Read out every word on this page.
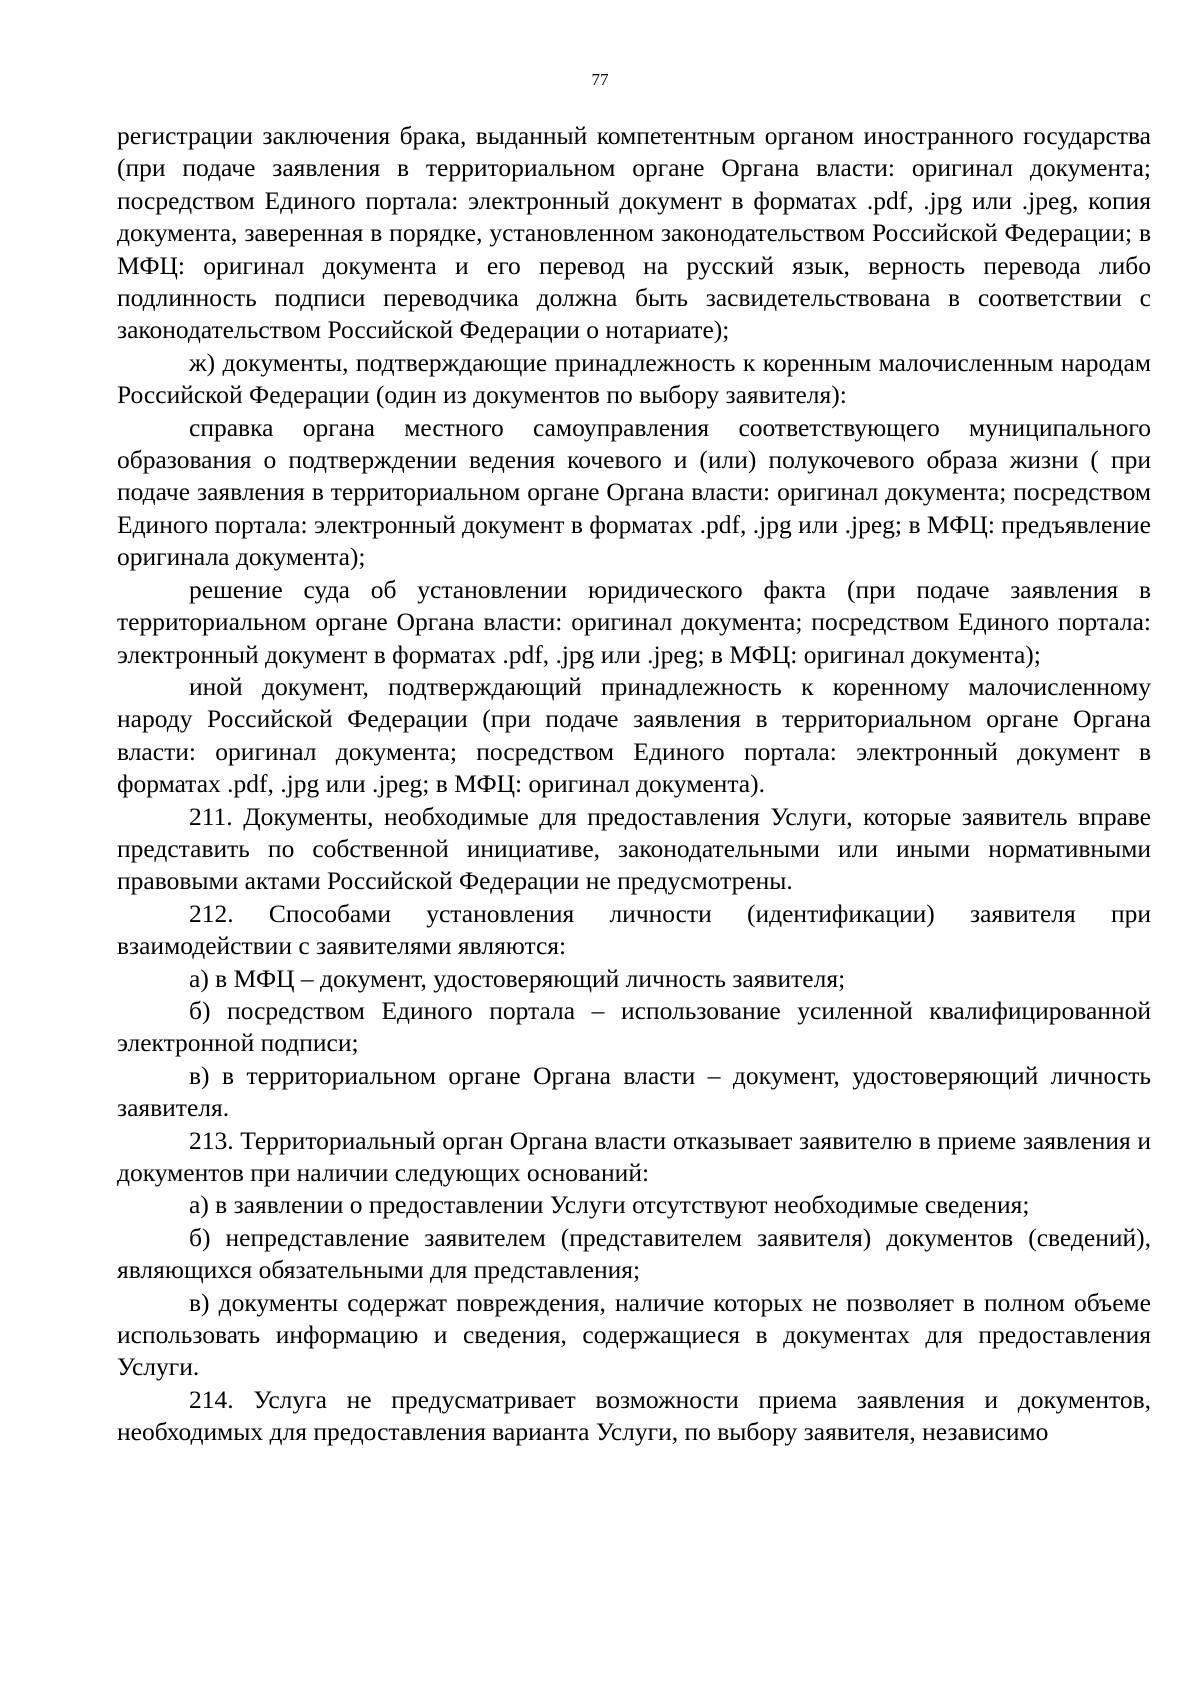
77

регистрации заключения брака, выданный компетентным органом иностранного государства (при подаче заявления в территориальном органе Органа власти: оригинал документа; посредством Единого портала: электронный документ в форматах .pdf, .jpg или .jpeg, копия документа, заверенная в порядке, установленном законодательством Российской Федерации; в МФЦ: оригинал документа и его перевод на русский язык, верность перевода либо подлинность подписи переводчика должна быть засвидетельствована в соответствии с законодательством Российской Федерации о нотариате);

ж) документы, подтверждающие принадлежность к коренным малочисленным народам Российской Федерации (один из документов по выбору заявителя):

справка органа местного самоуправления соответствующего муниципального образования о подтверждении ведения кочевого и (или) полукочевого образа жизни ( при подаче заявления в территориальном органе Органа власти: оригинал документа; посредством Единого портала: электронный документ в форматах .pdf, .jpg или .jpeg; в МФЦ: предъявление оригинала документа);

решение суда об установлении юридического факта (при подаче заявления в территориальном органе Органа власти: оригинал документа; посредством Единого портала: электронный документ в форматах .pdf, .jpg или .jpeg; в МФЦ: оригинал документа);

иной документ, подтверждающий принадлежность к коренному малочисленному народу Российской Федерации (при подаче заявления в территориальном органе Органа власти: оригинал документа; посредством Единого портала: электронный документ в форматах .pdf, .jpg или .jpeg; в МФЦ: оригинал документа).

211. Документы, необходимые для предоставления Услуги, которые заявитель вправе представить по собственной инициативе, законодательными или иными нормативными правовыми актами Российской Федерации не предусмотрены.

212. Способами установления личности (идентификации) заявителя при взаимодействии с заявителями являются:

а) в МФЦ – документ, удостоверяющий личность заявителя;

б) посредством Единого портала – использование усиленной квалифицированной электронной подписи;

в) в территориальном органе Органа власти – документ, удостоверяющий личность заявителя.

213. Территориальный орган Органа власти отказывает заявителю в приеме заявления и документов при наличии следующих оснований:

а) в заявлении о предоставлении Услуги отсутствуют необходимые сведения;

б) непредставление заявителем (представителем заявителя) документов (сведений), являющихся обязательными для представления;

в) документы содержат повреждения, наличие которых не позволяет в полном объеме использовать информацию и сведения, содержащиеся в документах для предоставления Услуги.

214. Услуга не предусматривает возможности приема заявления и документов, необходимых для предоставления варианта Услуги, по выбору заявителя, независимо
